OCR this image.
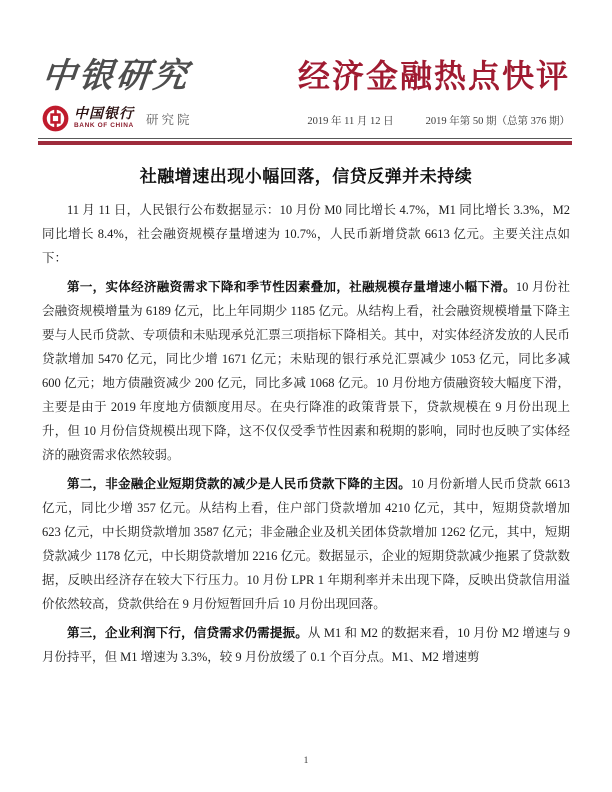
中银研究
中国银行
BANK OF CHINA 研究院
经济金融热点快评
2019 年 11 月 12 日	2019 年第 50 期（总第 376 期）
社融增速出现小幅回落，信贷反弹并未持续

11 月 11 日，人民银行公布数据显示：10 月份 M0 同比增长 4.7%，M1 同比增长 3.3%，M2 同比增长 8.4%，社会融资规模存量增速为 10.7%，人民币新增贷款 6613 亿元。主要关注点如下：

第一，实体经济融资需求下降和季节性因素叠加，社融规模存量增速小幅下滑。10 月份社会融资规模增量为 6189 亿元，比上年同期少 1185 亿元。从结构上看，社会融资规模增量下降主要与人民币贷款、专项债和未贴现承兑汇票三项指标下降相关。其中，对实体经济发放的人民币贷款增加 5470 亿元，同比少增 1671 亿元；未贴现的银行承兑汇票减少 1053 亿元，同比多减 600 亿元；地方债融资减少 200 亿元，同比多减 1068 亿元。10 月份地方债融资较大幅度下滑，主要是由于 2019 年度地方债额度用尽。在央行降准的政策背景下，贷款规模在 9 月份出现上升，但 10 月份信贷规模出现下降，这不仅仅受季节性因素和税期的影响，同时也反映了实体经济的融资需求依然较弱。

第二，非金融企业短期贷款的减少是人民币贷款下降的主因。10 月份新增人民币贷款 6613 亿元，同比少增 357 亿元。从结构上看，住户部门贷款增加 4210 亿元，其中，短期贷款增加 623 亿元，中长期贷款增加 3587 亿元；非金融企业及机关团体贷款增加 1262 亿元，其中，短期贷款减少 1178 亿元，中长期贷款增加 2216 亿元。数据显示，企业的短期贷款减少拖累了贷款数据，反映出经济存在较大下行压力。10 月份 LPR 1 年期利率并未出现下降，反映出贷款信用溢价依然较高，贷款供给在 9 月份短暂回升后 10 月份出现回落。

第三，企业利润下行，信贷需求仍需提振。从 M1 和 M2 的数据来看，10 月份 M2 增速与 9 月份持平，但 M1 增速为 3.3%，较 9 月份放缓了 0.1 个百分点。M1、M2 增速剪

1
